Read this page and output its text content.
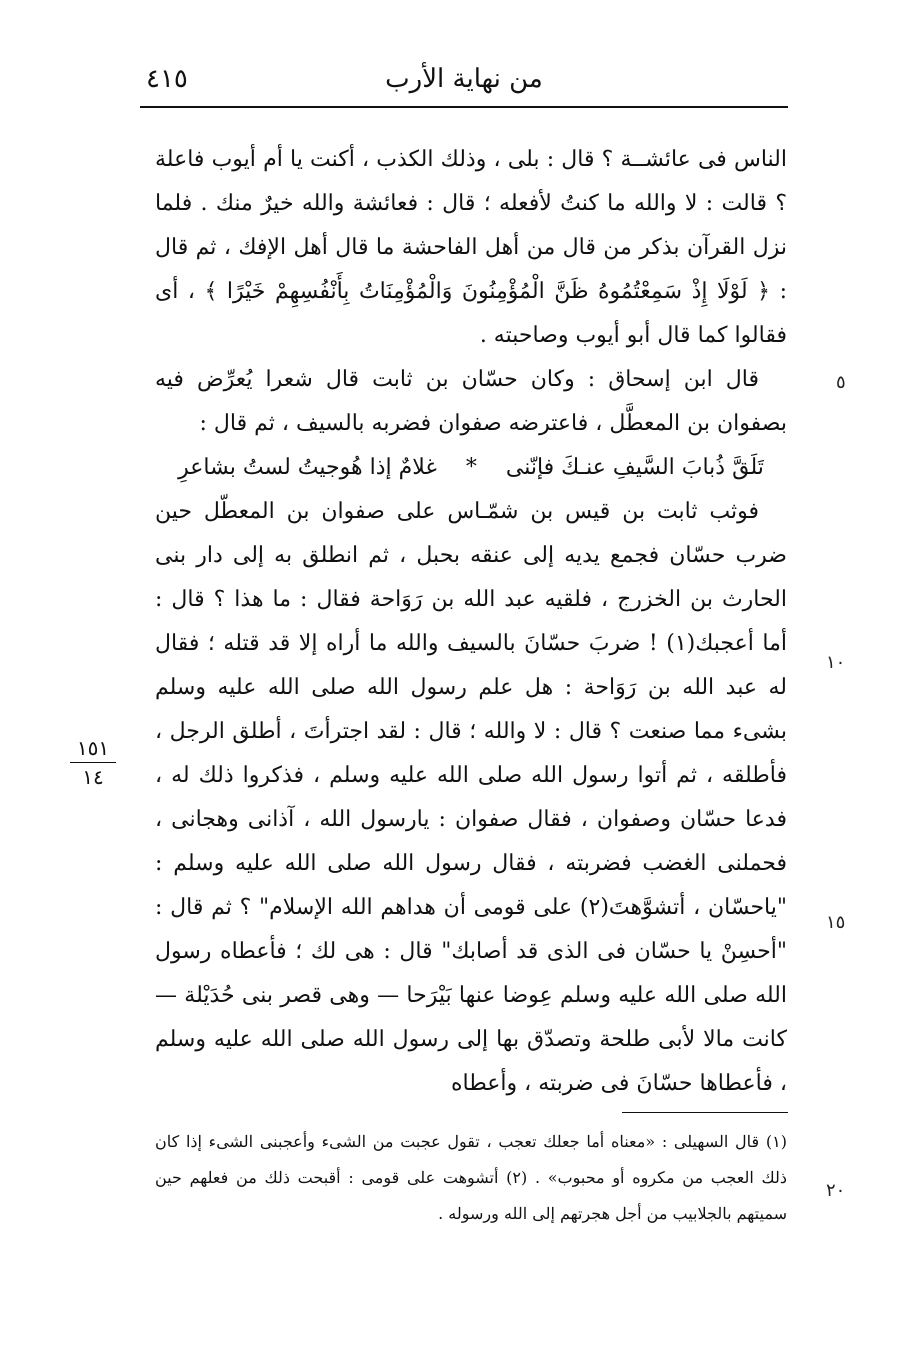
من نهاية الأرب
٤١٥

الناس فى عائشــة ؟ قال : بلى ، وذلك الكذب ، أكنت يا أم أيوب فاعلة ؟ قالت : لا والله ما كنتُ لأفعله ؛ قال : فعائشة والله خيرٌ منك . فلما نزل القرآن بذكر من قال من أهل الفاحشة ما قال أهل الإفك ، ثم قال : ﴿ لَوْلَا إِذْ سَمِعْتُمُوهُ ظَنَّ الْمُؤْمِنُونَ وَالْمُؤْمِنَاتُ بِأَنْفُسِهِمْ خَيْرًا ﴾ ، أى فقالوا كما قال أبو أيوب وصاحبته .

قال ابن إسحاق : وكان حسّان بن ثابت قال شعرا يُعرِّض فيه بصفوان بن المعطَّل ، فاعترضه صفوان فضربه بالسيف ، ثم قال :

تَلَقَّ ذُبابَ السَّيفِ عنـكَ فإنّنى * غلامٌ إذا هُوجيتُ لستُ بشاعرِ

فوثب ثابت بن قيس بن شمّـاس على صفوان بن المعطّل حين ضرب حسّان فجمع يديه إلى عنقه بحبل ، ثم انطلق به إلى دار بنى الحارث بن الخزرج ، فلقيه عبد الله بن رَوَاحة فقال : ما هذا ؟ قال : أما أعجبك(١) ! ضربَ حسّانَ بالسيف والله ما أراه إلا قد قتله ؛ فقال له عبد الله بن رَوَاحة : هل علم رسول الله صلى الله عليه وسلم بشىء مما صنعت ؟ قال : لا والله ؛ قال : لقد اجترأتَ ، أطلق الرجل ، فأطلقه ، ثم أتوا رسول الله صلى الله عليه وسلم ، فذكروا ذلك له ، فدعا حسّان وصفوان ، فقال صفوان : يارسول الله ، آذانى وهجانى ، فحملنى الغضب فضربته ، فقال رسول الله صلى الله عليه وسلم : "ياحسّان ، أتشوَّهتَ(٢) على قومى أن هداهم الله الإسلام" ؟ ثم قال : "أحسِنْ يا حسّان فى الذى قد أصابك" قال : هى لك ؛ فأعطاه رسول الله صلى الله عليه وسلم عِوضا عنها بَيْرَحا — وهى قصر بنى حُدَيْلة — كانت مالا لأبى طلحة وتصدّق بها إلى رسول الله صلى الله عليه وسلم ، فأعطاها حسّانَ فى ضربته ، وأعطاه

٥
١٠
١٥
٢٠
١٥١
١٤

(١) قال السهيلى : «معناه أما جعلك تعجب ، تقول عجبت من الشىء وأعجبنى الشىء إذا كان ذلك العجب من مكروه أو محبوب» . (٢) أتشوهت على قومى : أقبحت ذلك من فعلهم حين سميتهم بالجلابيب من أجل هجرتهم إلى الله ورسوله .
